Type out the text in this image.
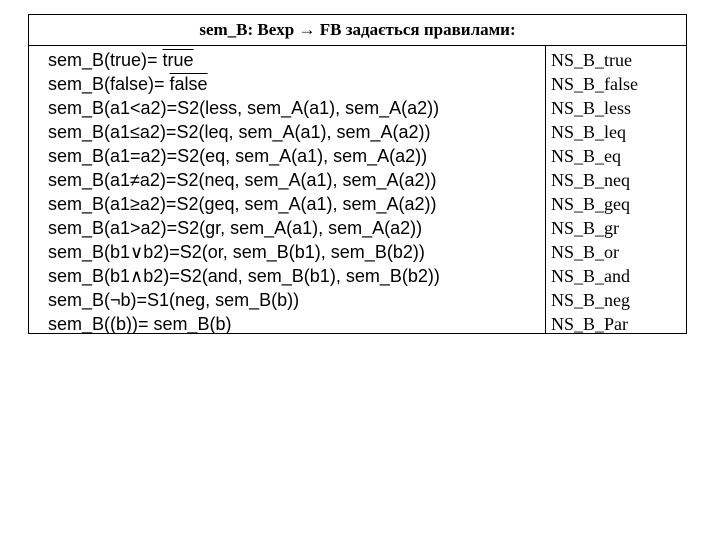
sem_B: Bexp → FB задається правилами:
sem_B(true)= true
sem_B(false)= false
sem_B(a1<a2)=S2(less, sem_A(a1), sem_A(a2))
sem_B(a1≤a2)=S2(leq, sem_A(a1), sem_A(a2))
sem_B(a1=a2)=S2(eq, sem_A(a1), sem_A(a2))
sem_B(a1≠a2)=S2(neq, sem_A(a1), sem_A(a2))
sem_B(a1≥a2)=S2(geq, sem_A(a1), sem_A(a2))
sem_B(a1>a2)=S2(gr, sem_A(a1), sem_A(a2))
sem_B(b1∨b2)=S2(or, sem_B(b1), sem_B(b2))
sem_B(b1∧b2)=S2(and, sem_B(b1), sem_B(b2))
sem_B(¬b)=S1(neg, sem_B(b))
sem_B((b))= sem_B(b)
NS_B_true
NS_B_false
NS_B_less
NS_B_leq
NS_B_eq
NS_B_neq
NS_B_geq
NS_B_gr
NS_B_or
NS_B_and
NS_B_neg
NS_B_Par
